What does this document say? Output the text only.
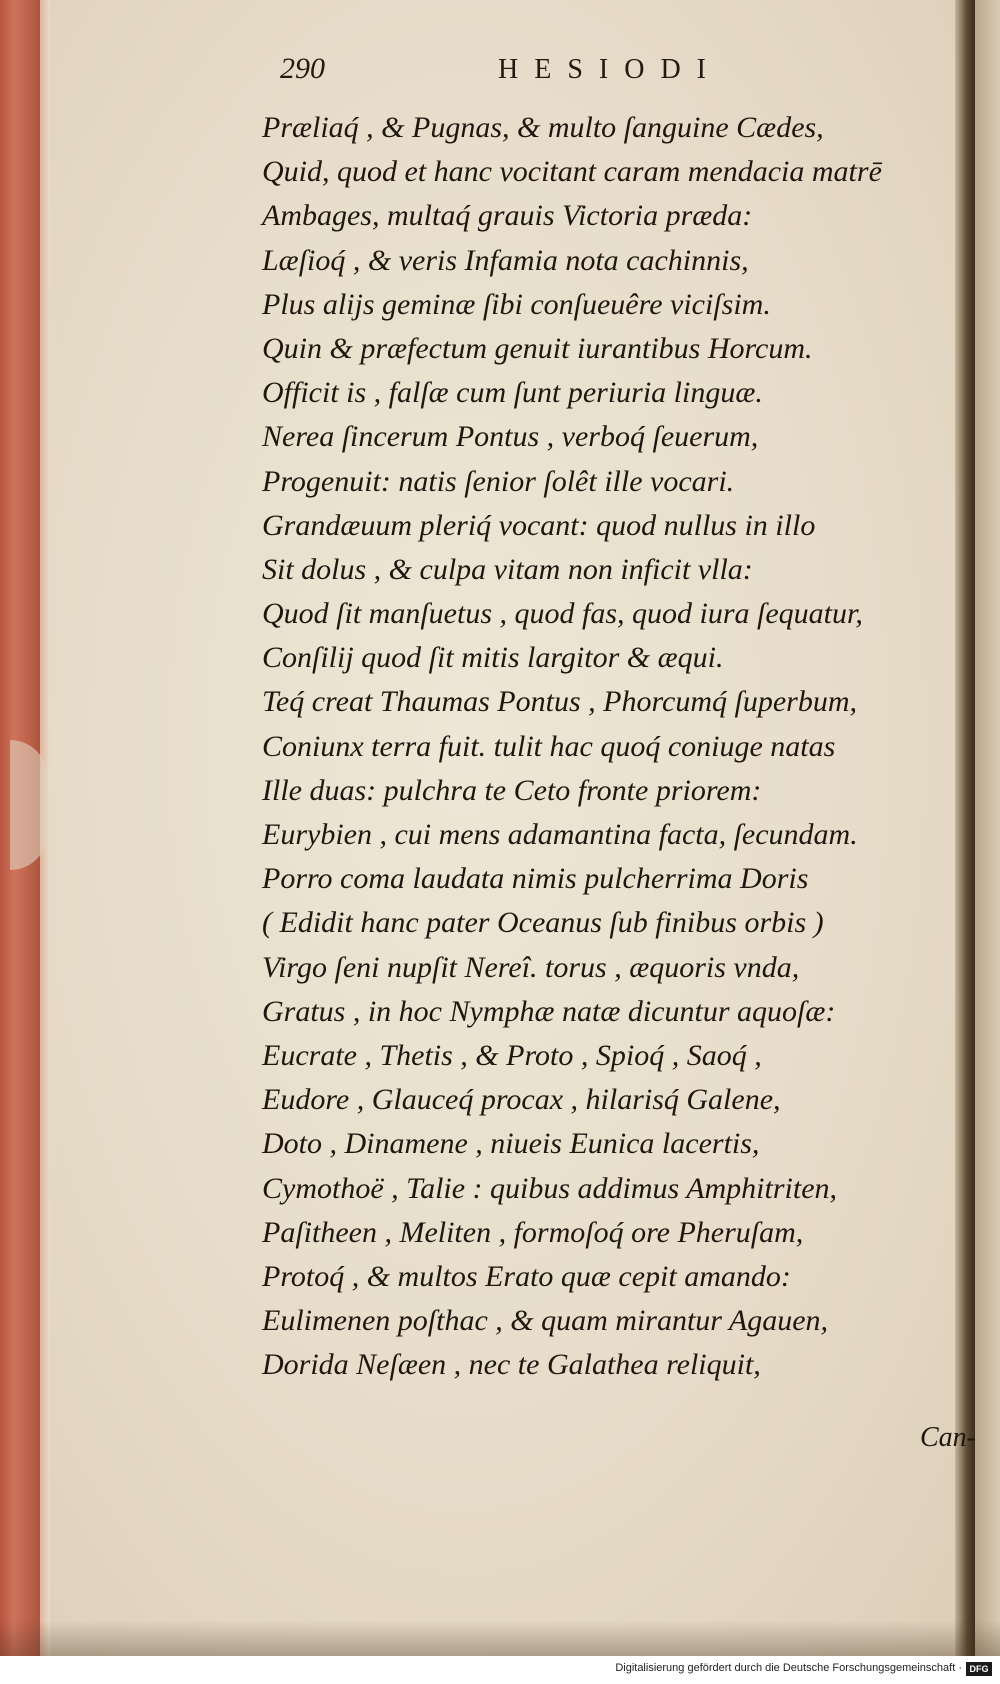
290	HESIODI
Præliaq́ , & Pugnas, & multo ſanguine Cædes,
Quid, quod et hanc vocitant caram mendacia matrē
Ambages, multaq́ grauis Victoria præda:
Læſioq́ , & veris Infamia nota cachinnis,
Plus alijs geminæ ſibi conſueuêre viciſsim.
Quin & præfectum genuit iurantibus Horcum.
Officit is , falſæ cum ſunt periuria linguæ.
Nerea ſincerum Pontus , verboq́ ſeuerum,
Progenuit: natis ſenior ſolêt ille vocari.
Grandæuum pleriq́ vocant: quod nullus in illo
Sit dolus , & culpa vitam non inficit vlla:
Quod ſit manſuetus , quod fas, quod iura ſequatur,
Conſilij quod ſit mitis largitor & æqui.
Teq́ creat Thaumas Pontus , Phorcumq́ ſuperbum,
Coniunx terra fuit. tulit hac quoq́ coniuge natas
Ille duas: pulchra te Ceto fronte priorem:
Eurybien , cui mens adamantina facta, ſecundam.
Porro coma laudata nimis pulcherrima Doris
( Edidit hanc pater Oceanus ſub finibus orbis )
Virgo ſeni nupſit Nereî. torus , æquoris vnda,
Gratus , in hoc Nymphæ natæ dicuntur aquoſæ:
Eucrate , Thetis , & Proto , Spioq́ , Saoq́ ,
Eudore , Glauceq́ procax , hilarisq́ Galene,
Doto , Dinamene , niueis Eunica lacertis,
Cymothoë , Talie : quibus addimus Amphitriten,
Paſitheen , Meliten , formoſoq́ ore Pheruſam,
Protoq́ , & multos Erato quæ cepit amando:
Eulimenen poſthac , & quam mirantur Agauen,
Dorida Neſæen , nec te Galathea reliquit,
Can-
Digitalisierung gefördert durch die Deutsche Forschungsgemeinschaft · DFG
